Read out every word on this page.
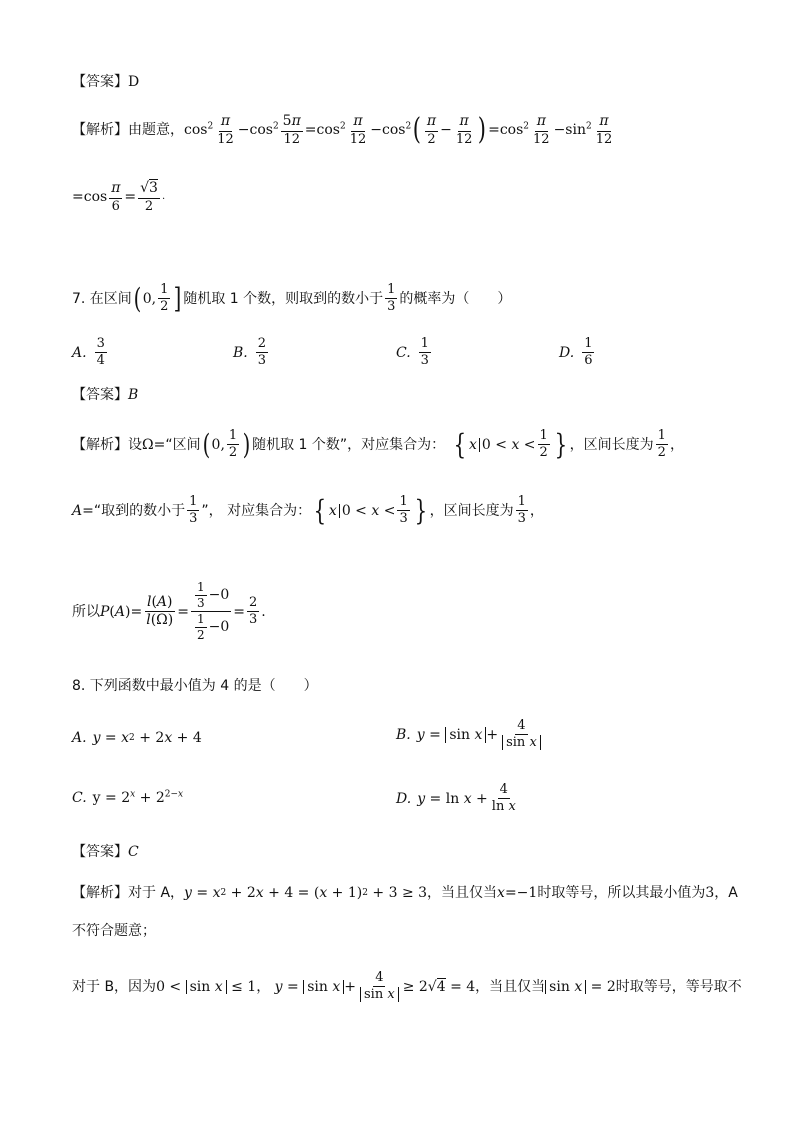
【答案】 D
【解析】 由题意， $\cos^2 \frac{\pi}{12} -\cos^2 \frac{5\pi}{12} =\cos^2 \frac{\pi}{12} -\cos^2$ ( $\frac{\pi}{2} - \frac{\pi}{12}$ ) $=\cos^2 \frac{\pi}{12} -\sin^2 \frac{\pi}{12}$
$=\cos \frac{\pi}{6} = \frac{√3}{2}$ .
7. 在区间 ( 0, $\frac{1}{2}$ ] 随机取 1 个数，则取到的数小于 $\frac{1}{3}$ 的概率为（　　）
A. $\frac{3}{4}$	B. $\frac{2}{3}$	C. $\frac{1}{3}$	D. $\frac{1}{6}$
【答案】 B
【解析】 设 Ω =“区间 ( 0, $\frac{1}{2}$ ) 随机取 1 个数”，对应集合为： { x $0 < x < \frac{1}{2}$ } ，区间长度为 $\frac{1}{2}$ ，
A =“取到的数小于 $\frac{1}{3}$ ”， 对应集合为： { x $0 < x < \frac{1}{3}$ } ，区间长度为 $\frac{1}{3}$ ，
所以 P ( A )= $\frac{l(A)}{l(\Omega)} = \frac{\frac{1}{3} -0}{\frac{1}{2} -0} = \frac{2}{3}$ .
8. 下列函数中最小值为 4 的是（　　）
A. y = x 2 + 2 x + 4	B. $y = \sin x + \frac{4}{\text{sin x}}$
C. $y = 2^x + 2^{2-x}$	D. $y = \ln x + \frac{4}{\text{ln x}}$
【答案】 C
【解析】 对于 A， y = x 2 + 2 x + 4 = ( x + 1) 2 + 3 ≥ 3 ，当且仅当 x =−1 时取等号，所以其最小值为 3 ，A
不符合题意；
对于 B，因为 0 < sin x ≤ 1， $y = \sin x + \frac{4}{\text{sin x}} \ge 2$ √4 = 4 ，当且仅当 sin x = 2 时取等号，等号取不
